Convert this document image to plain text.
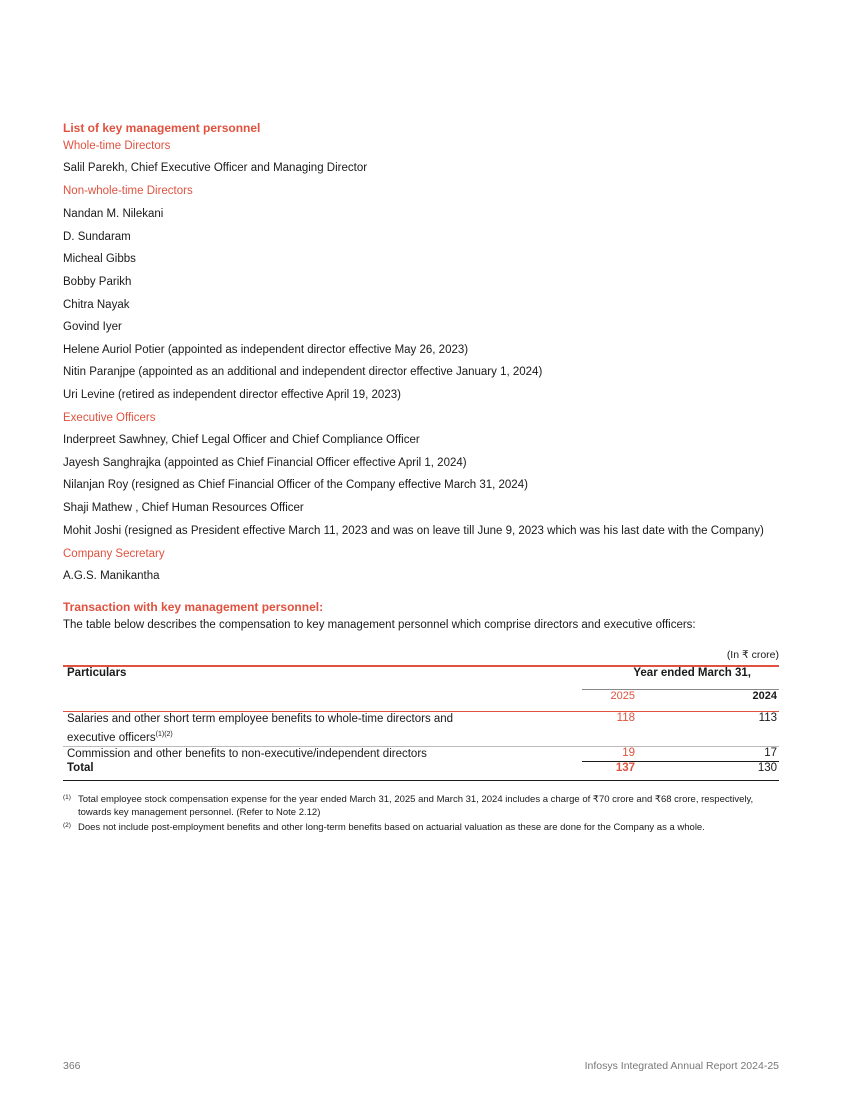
List of key management personnel
Whole-time Directors
Salil Parekh, Chief Executive Officer and Managing Director
Non-whole-time Directors
Nandan M. Nilekani
D. Sundaram
Micheal Gibbs
Bobby Parikh
Chitra Nayak
Govind Iyer
Helene Auriol Potier (appointed as independent director effective May 26, 2023)
Nitin Paranjpe (appointed as an additional and independent director effective January 1, 2024)
Uri Levine (retired as independent director effective April 19, 2023)
Executive Officers
Inderpreet Sawhney, Chief Legal Officer and Chief Compliance Officer
Jayesh Sanghrajka (appointed as Chief Financial Officer effective April 1, 2024)
Nilanjan Roy (resigned as Chief Financial Officer of the Company effective March 31, 2024)
Shaji Mathew , Chief Human Resources Officer
Mohit Joshi (resigned as President effective March 11, 2023 and was on leave till June 9, 2023 which was his last date with the Company)
Company Secretary
A.G.S. Manikantha
Transaction with key management personnel:
The table below describes the compensation to key management personnel which comprise directors and executive officers:
(In ₹ crore)
Particulars	Year ended March 31,	
	2025	2024
Salaries and other short term employee benefits to whole-time directors and
executive officers$^{(1)(2)}$	118	113
Commission and other benefits to non-executive/independent directors	19	17
Total	137	130
(1) Total employee stock compensation expense for the year ended March 31, 2025 and March 31, 2024 includes a charge of ₹70 crore and ₹68 crore, respectively,
towards key management personnel. (Refer to Note 2.12)
(2) Does not include post-employment benefits and other long-term benefits based on actuarial valuation as these are done for the Company as a whole.
366	Infosys Integrated Annual Report 2024-25
